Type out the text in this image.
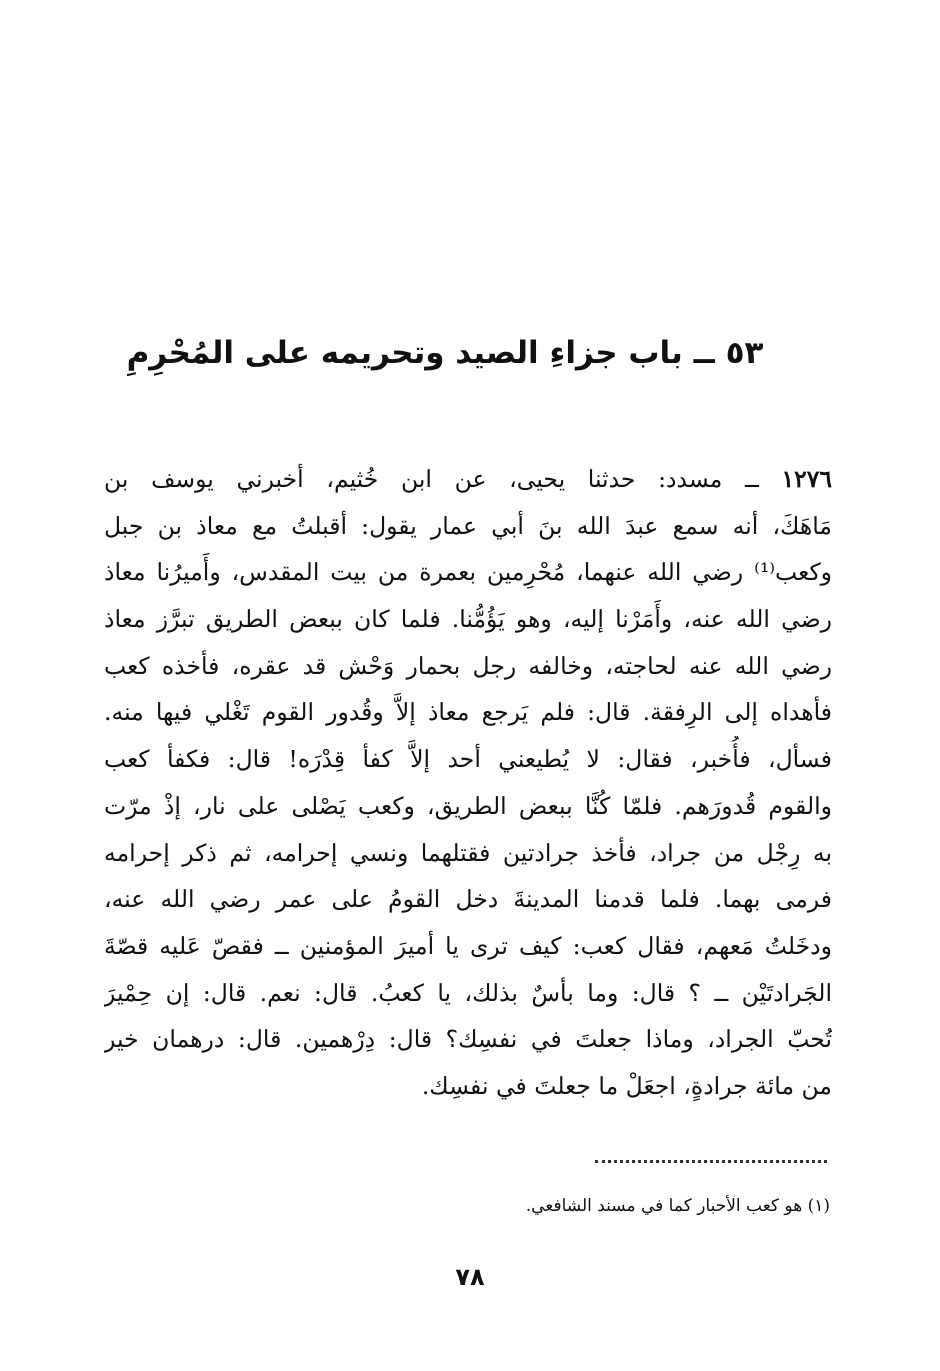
٥٣ ــ باب جزاءِ الصيد وتحريمه على المُحْرِمِ
١٢٧٦ ــ مسدد: حدثنا يحيى، عن ابن خُثيم، أخبرني يوسف بن
مَاهَكَ، أنه سمع عبدَ الله بنَ أبي عمار يقول: أقبلتُ مع معاذ بن جبل
وكعب⁽¹⁾ رضي الله عنهما، مُحْرِمين بعمرة من بيت المقدس، وأَميرُنا معاذ
رضي الله عنه، وأَمَرْنا إليه، وهو يَؤُمُّنا. فلما كان ببعض الطريق تبرَّز معاذ
رضي الله عنه لحاجته، وخالفه رجل بحمار وَحْش قد عقره، فأخذه كعب
فأهداه إلى الرِفقة. قال: فلم يَرجع معاذ إلاَّ وقُدور القوم تَغْلي فيها منه.
فسأل، فأُخبر، فقال: لا يُطيعني أحد إلاَّ كفأ قِدْرَه! قال: فكفأ كعب
والقوم قُدورَهم. فلمّا كُنَّا ببعض الطريق، وكعب يَصْلى على نار، إذْ مرّت
به رِجْل من جراد، فأخذ جرادتين فقتلهما ونسي إحرامه، ثم ذكر إحرامه
فرمى بهما. فلما قدمنا المدينةَ دخل القومُ على عمر رضي الله عنه،
ودخَلتُ مَعهم، فقال كعب: كيف ترى يا أميرَ المؤمنين ــ فقصّ عَليه قصّةَ
الجَرادتَيْن ــ ؟ قال: وما بأسٌ بذلك، يا كعبُ. قال: نعم. قال: إن حِمْيرَ
تُحبّ الجراد، وماذا جعلتَ في نفسِك؟ قال: دِرْهمين. قال: درهمان خير
من مائة جرادةٍ، اجعَلْ ما جعلتَ في نفسِك.
(١) هو كعب الأحبار كما في مسند الشافعي.
٧٨
